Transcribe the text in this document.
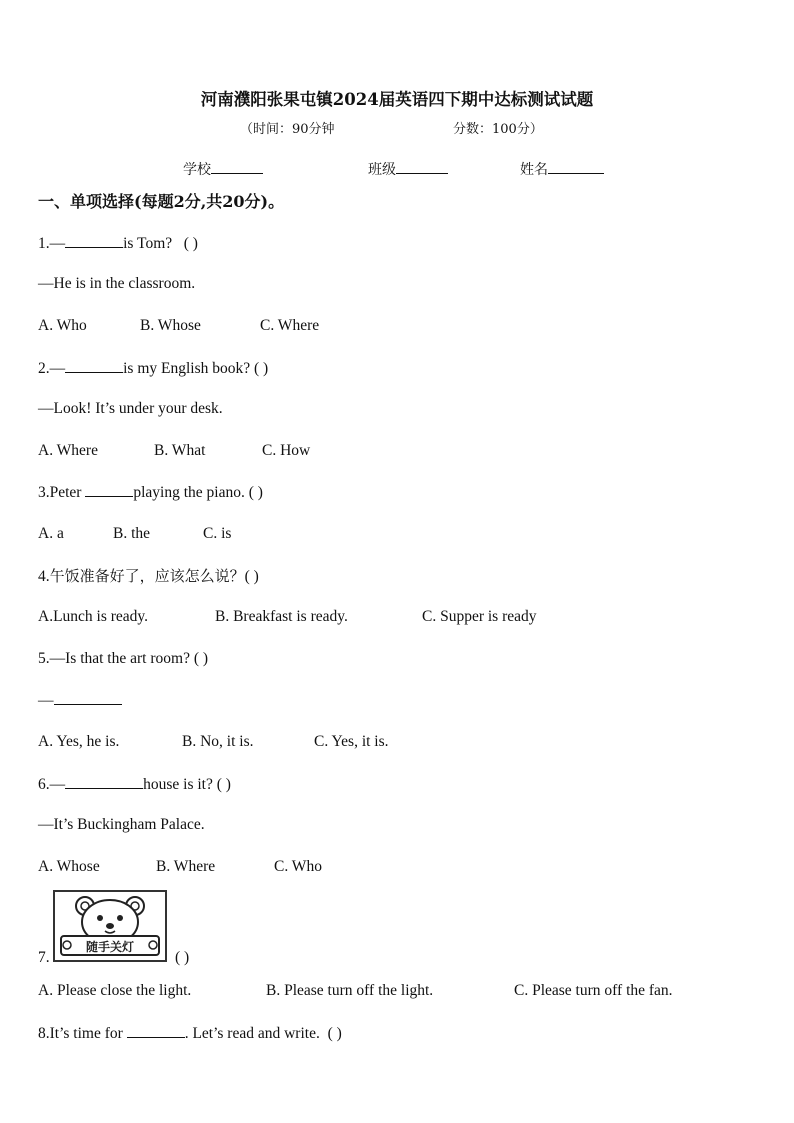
河南濮阳张果屯镇2024届英语四下期中达标测试试题
（时间：90分钟	分数：100分）
学校	班级	姓名
一、单项选择(每题2分,共20分)。
1.—	is Tom? ( )
—He is in the classroom.
A. Who	B. Whose	C. Where
2.—	is my English book? ( )
—Look! It’s under your desk.
A. Where	B. What	C. How
3.Peter	playing the piano. ( )
A. a	B. the	C. is
4.午饭准备好了，应该怎么说？( )
A.Lunch is ready.	B. Breakfast is ready.	C. Supper is ready
5.—Is that the art room? ( )
—
A. Yes, he is.	B. No, it is.	C. Yes, it is.
6.—	house is it? ( )
—It’s Buckingham Palace.
A. Whose	B. Where	C. Who
7.
随手关灯
( )
A. Please close the light.	B. Please turn off the light.	C. Please turn off the fan.
8.It’s time for	. Let’s read and write. ( )
